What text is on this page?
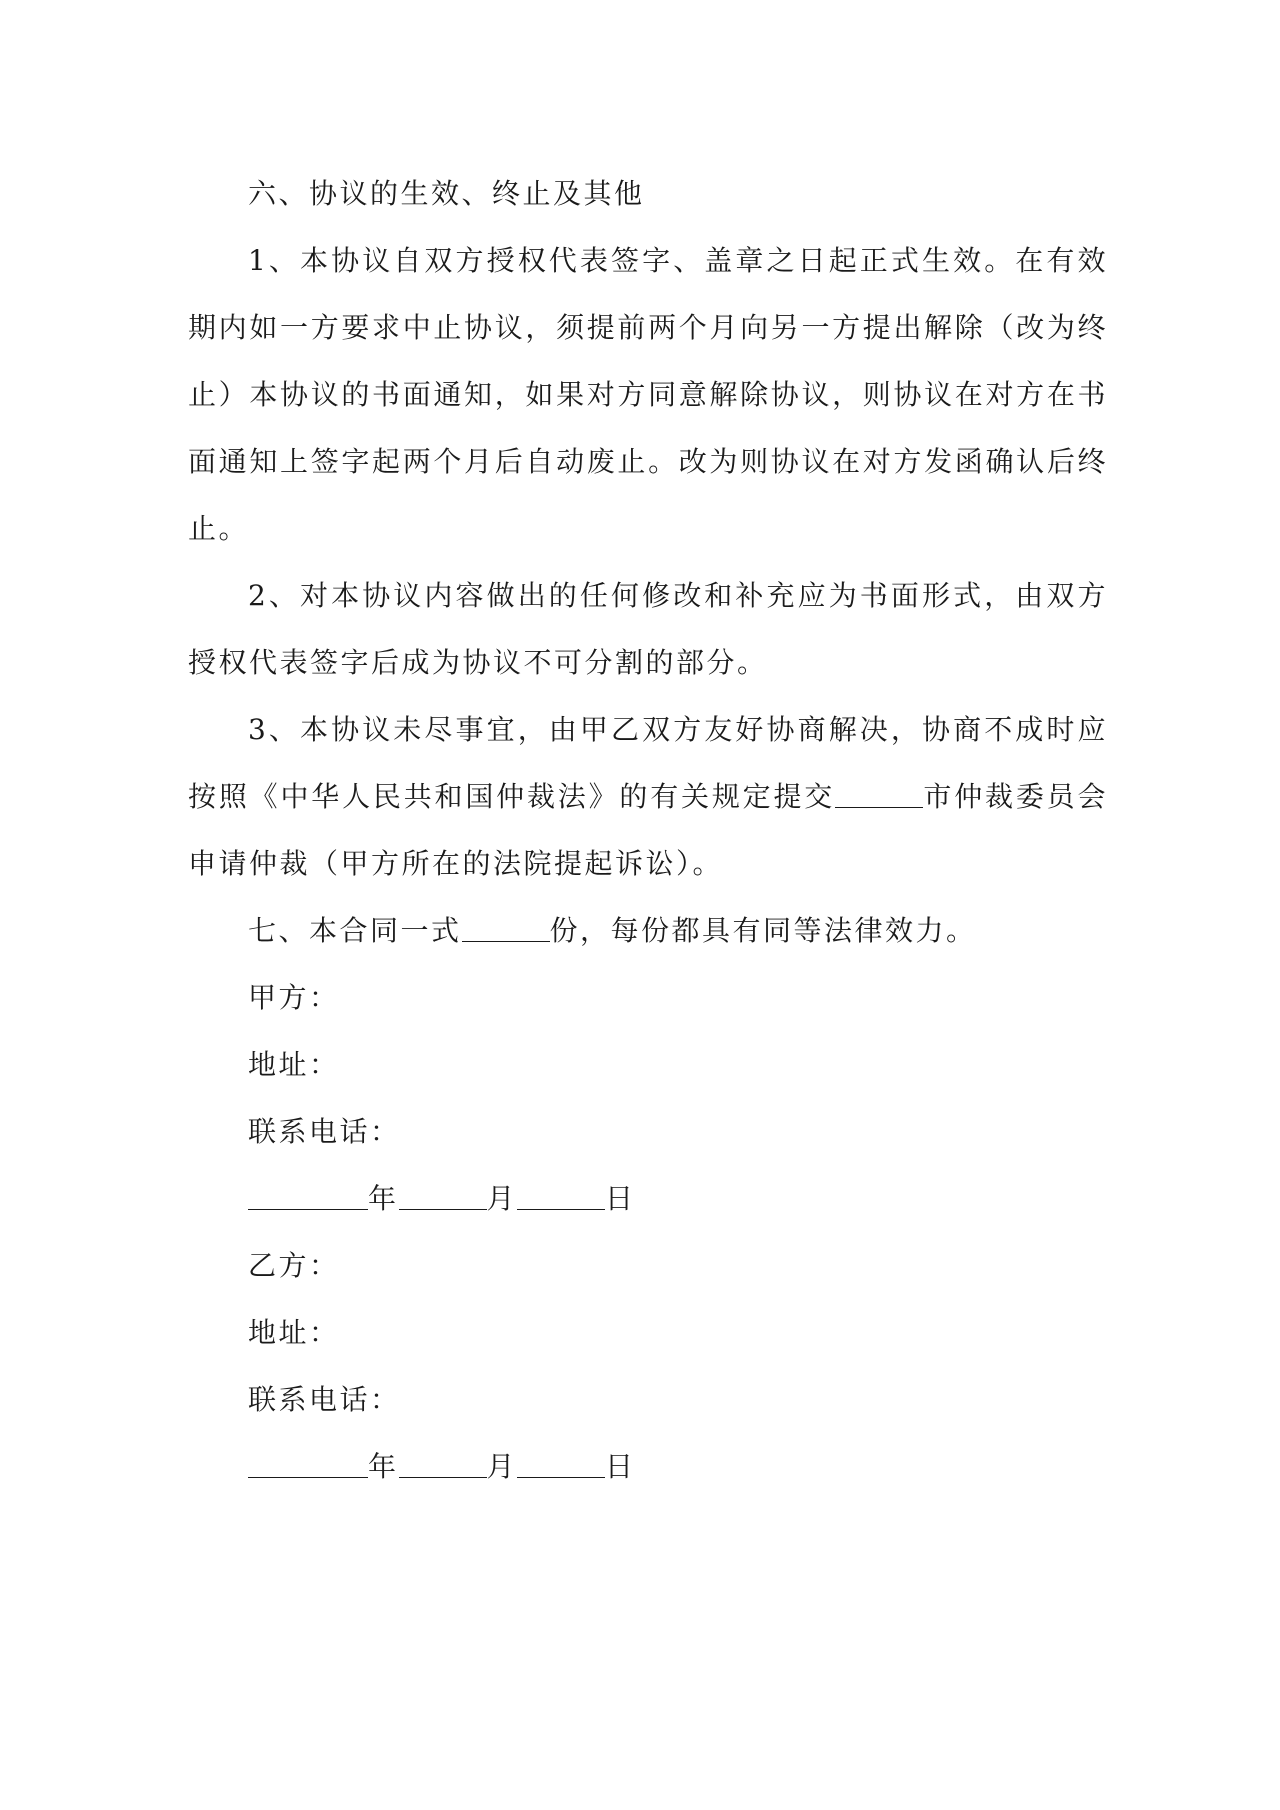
六、协议的生效、终止及其他

1、本协议自双方授权代表签字、盖章之日起正式生效。在有效期内如一方要求中止协议，须提前两个月向另一方提出解除（改为终止）本协议的书面通知，如果对方同意解除协议，则协议在对方在书面通知上签字起两个月后自动废止。改为则协议在对方发函确认后终止。

2、对本协议内容做出的任何修改和补充应为书面形式，由双方授权代表签字后成为协议不可分割的部分。

3、本协议未尽事宜，由甲乙双方友好协商解决，协商不成时应按照《中华人民共和国仲裁法》的有关规定提交	市仲裁委员会申请仲裁（甲方所在的法院提起诉讼）。

七、本合同一式	份，每份都具有同等法律效力。

甲方：

地址：

联系电话：

年	月	日

乙方：

地址：

联系电话：

年	月	日
